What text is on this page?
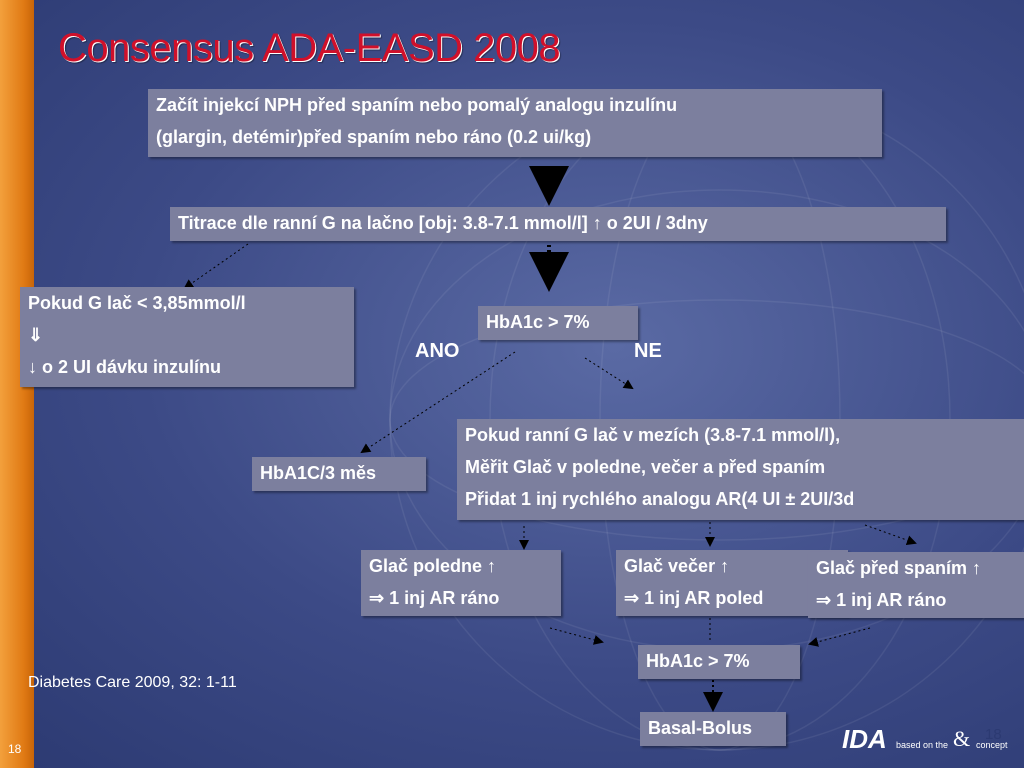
Consensus ADA-EASD 2008
Začít injekcí NPH před spaním nebo pomalý analogu inzulínu
(glargin, detémir)před spaním nebo ráno (0.2 ui/kg)
Titrace dle ranní G na lačno [obj: 3.8-7.1 mmol/l] ↑ o 2UI / 3dny
Pokud G lač < 3,85mmol/l
⇓
↓ o 2 UI dávku inzulínu
HbA1c > 7%
ANO	NE
HbA1C/3 měs
Pokud ranní G lač v mezích (3.8-7.1 mmol/l),
Měřit Glač v poledne, večer a před spaním
Přidat 1 inj rychlého analogu AR(4 UI ± 2UI/3d
Glač poledne ↑
⇒ 1 inj AR ráno
Glač večer ↑
⇒ 1 inj AR poled
Glač před spaním ↑
⇒ 1 inj AR ráno
HbA1c > 7%
Basal-Bolus
Diabetes Care 2009, 32: 1-11
18	IDA based on the & concept
18
